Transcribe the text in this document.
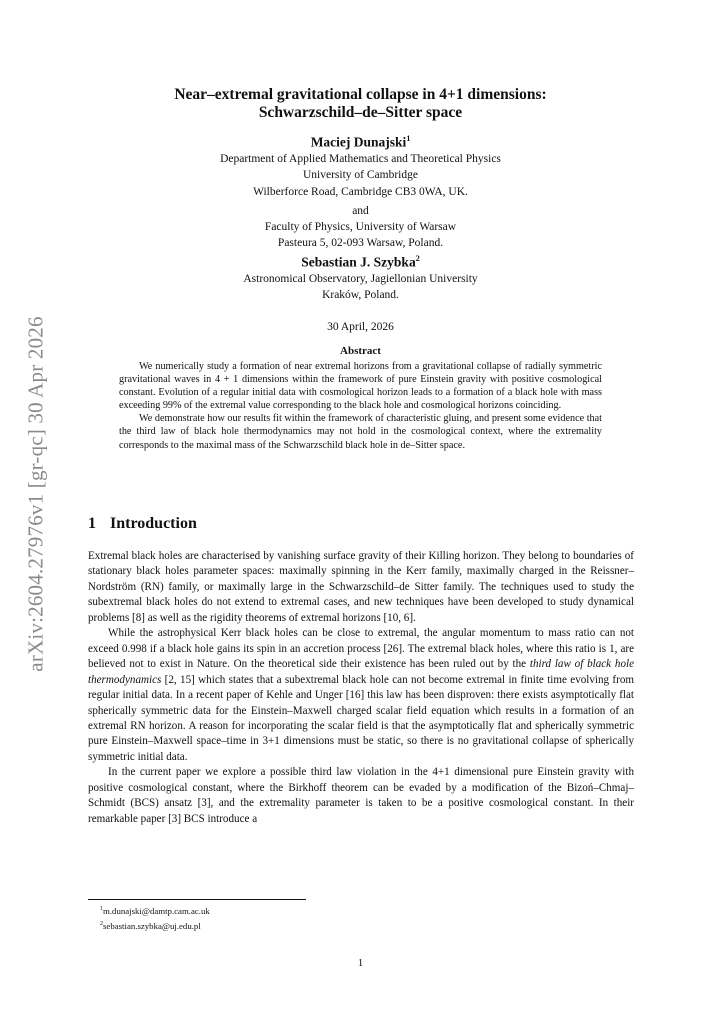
arXiv:2604.27976v1 [gr-qc] 30 Apr 2026
Near–extremal gravitational collapse in 4+1 dimensions:
Schwarzschild–de–Sitter space
Maciej Dunajski$^1$
Department of Applied Mathematics and Theoretical Physics
University of Cambridge
Wilberforce Road, Cambridge CB3 0WA, UK.
and
Faculty of Physics, University of Warsaw
Pasteura 5, 02-093 Warsaw, Poland.
Sebastian J. Szybka$^2$
Astronomical Observatory, Jagiellonian University
Kraków, Poland.
30 April, 2026
Abstract

We numerically study a formation of near extremal horizons from a gravitational collapse of radially symmetric gravitational waves in 4 + 1 dimensions within the framework of pure Einstein gravity with positive cosmological constant. Evolution of a regular initial data with cosmological horizon leads to a formation of a black hole with mass exceeding 99% of the extremal value corresponding to the black hole and cosmological horizons coinciding.

We demonstrate how our results fit within the framework of characteristic gluing, and present some evidence that the third law of black hole thermodynamics may not hold in the cosmological context, where the extremality corresponds to the maximal mass of the Schwarzschild black hole in de–Sitter space.

1 Introduction

Extremal black holes are characterised by vanishing surface gravity of their Killing horizon. They belong to boundaries of stationary black holes parameter spaces: maximally spinning in the Kerr family, maximally charged in the Reissner– Nordström (RN) family, or maximally large in the Schwarzschild–de Sitter family. The techniques used to study the subextremal black holes do not extend to extremal cases, and new techniques have been developed to study dynamical problems [8] as well as the rigidity theorems of extremal horizons [10, 6].

While the astrophysical Kerr black holes can be close to extremal, the angular momentum to mass ratio can not exceed 0.998 if a black hole gains its spin in an accretion process [26]. The extremal black holes, where this ratio is 1, are believed not to exist in Nature. On the theoretical side their existence has been ruled out by the third law of black hole thermodynamics [2, 15] which states that a subextremal black hole can not become extremal in finite time evolving from regular initial data. In a recent paper of Kehle and Unger [16] this law has been disproven: there exists asymptotically flat spherically symmetric data for the Einstein–Maxwell charged scalar field equation which results in a formation of an extremal RN horizon. A reason for incorporating the scalar field is that the asymptotically flat and spherically symmetric pure Einstein–Maxwell space–time in 3+1 dimensions must be static, so there is no gravitational collapse of spherically symmetric initial data.

In the current paper we explore a possible third law violation in the 4+1 dimensional pure Einstein gravity with positive cosmological constant, where the Birkhoff theorem can be evaded by a modification of the Bizoń–Chmaj–Schmidt (BCS) ansatz [3], and the extremality parameter is taken to be a positive cosmological constant. In their remarkable paper [3] BCS introduce a

$^1$m.dunajski@damtp.cam.ac.uk
$^2$sebastian.szybka@uj.edu.pl
1
